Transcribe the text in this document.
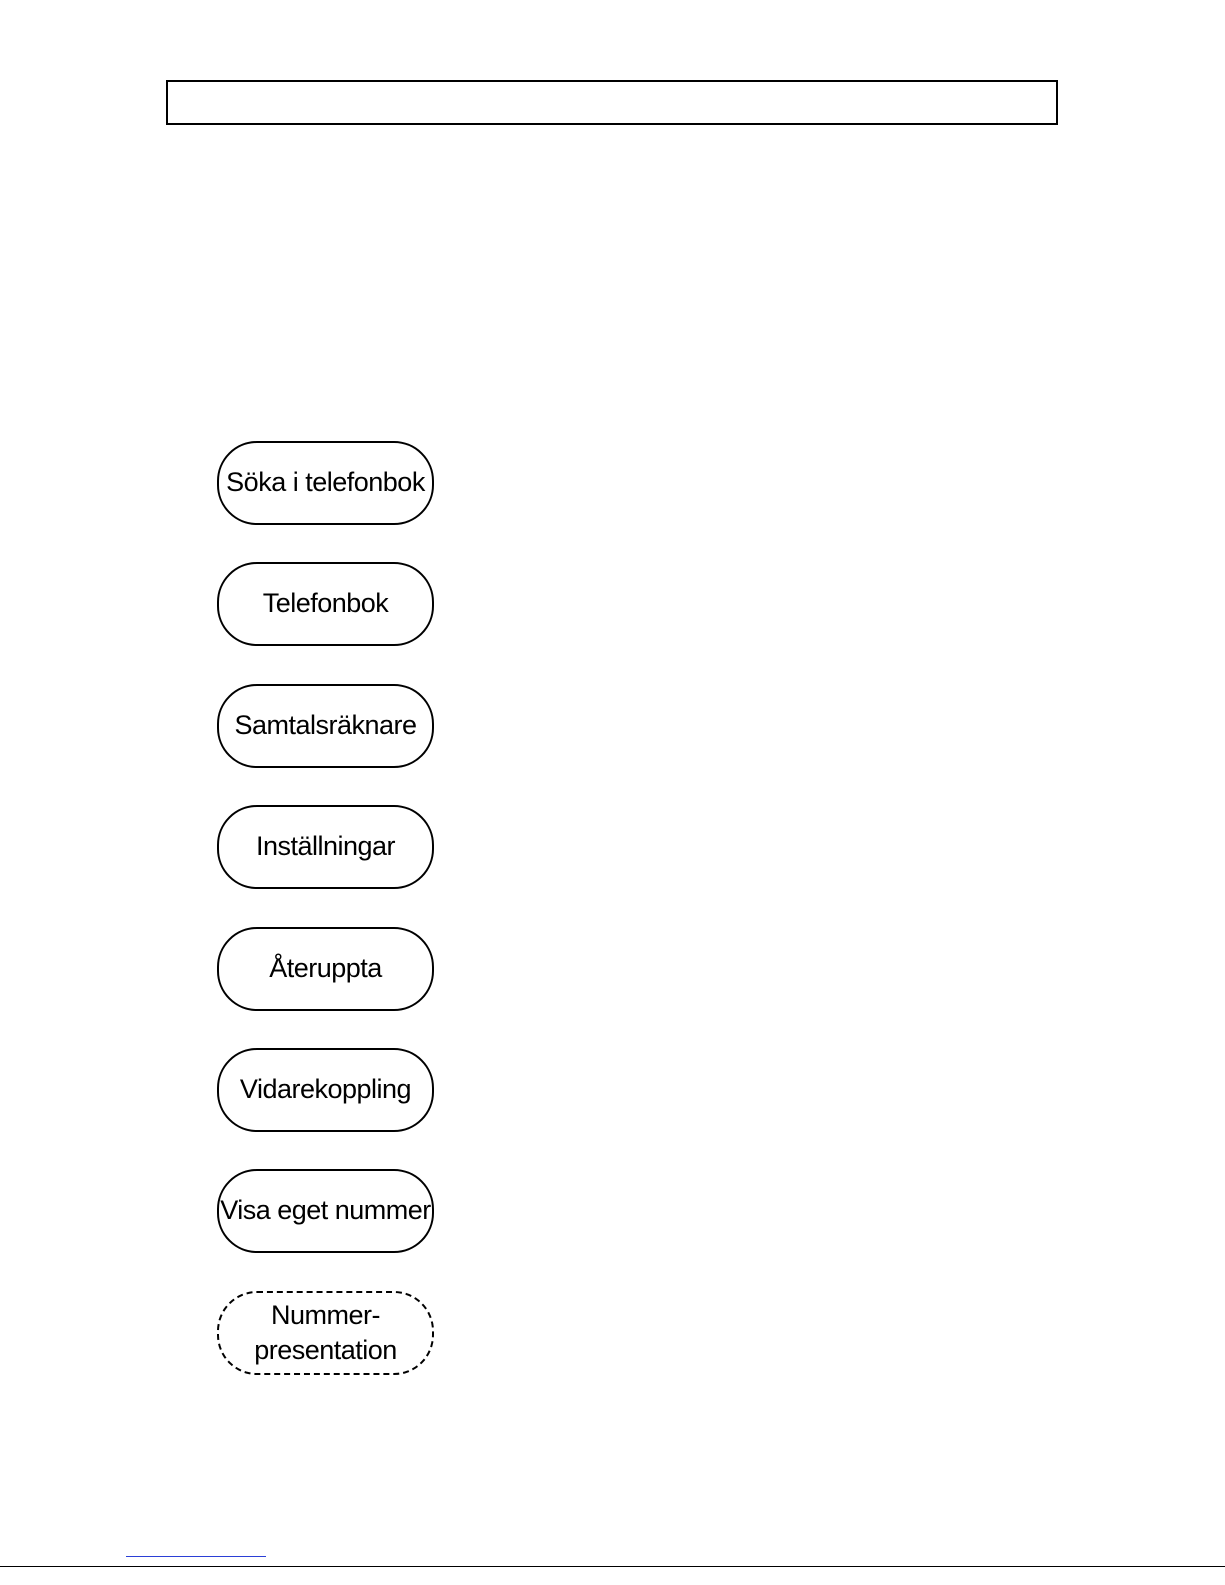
Söka i telefonbok
Telefonbok
Samtalsräknare
Inställningar
Återuppta
Vidarekoppling
Visa eget nummer
Nummer-
presentation
